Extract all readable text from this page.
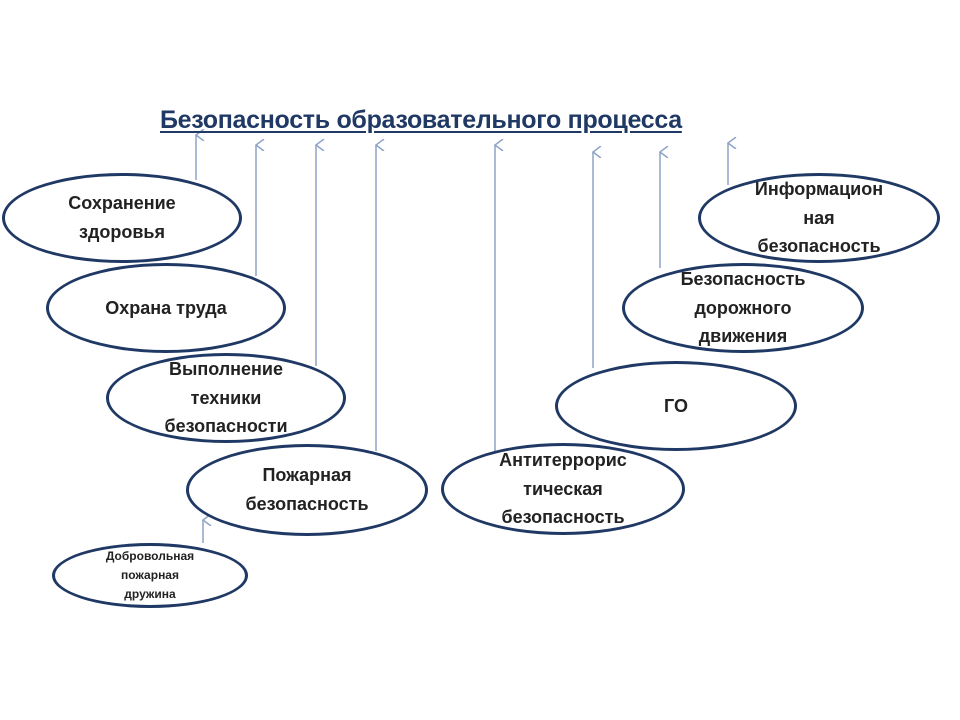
Безопасность образовательного процесса
Сохранение
здоровья
Охрана труда
Выполнение
техники
безопасности
Пожарная
безопасность
Добровольная
пожарная
дружина
Антитеррорис
тическая
безопасность
ГО
Безопасность
дорожного
движения
Информацион
ная
безопасность
